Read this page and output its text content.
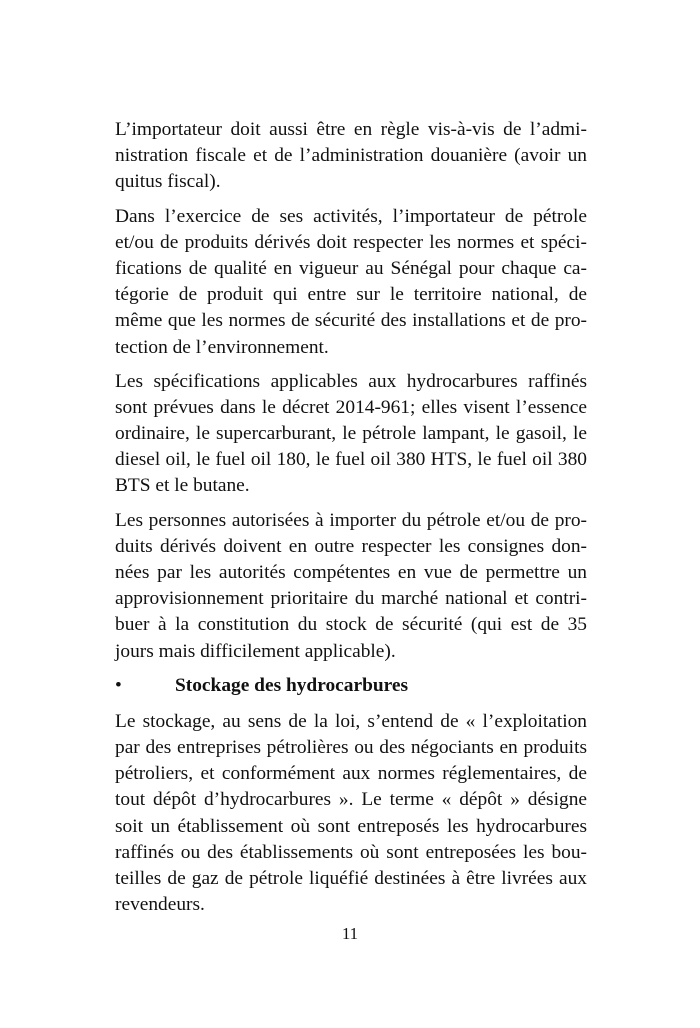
L’importateur doit aussi être en règle vis-à-vis de l’admi-
nistration fiscale et de l’administration douanière (avoir un
quitus fiscal).
Dans l’exercice de ses activités, l’importateur de pétrole
et/ou de produits dérivés doit respecter les normes et spéci-
fications de qualité en vigueur au Sénégal pour chaque ca-
tégorie de produit qui entre sur le territoire national, de
même que les normes de sécurité des installations et de pro-
tection de l’environnement.
Les spécifications applicables aux hydrocarbures raffinés
sont prévues dans le décret 2014-961; elles visent l’essence
ordinaire, le supercarburant, le pétrole lampant, le gasoil, le
diesel oil, le fuel oil 180, le fuel oil 380 HTS, le fuel oil 380
BTS et le butane.
Les personnes autorisées à importer du pétrole et/ou de pro-
duits dérivés doivent en outre respecter les consignes don-
nées par les autorités compétentes en vue de permettre un
approvisionnement prioritaire du marché national et contri-
buer à la constitution du stock de sécurité (qui est de 35
jours mais difficilement applicable).
•	Stockage des hydrocarbures
Le stockage, au sens de la loi, s’entend de « l’exploitation
par des entreprises pétrolières ou des négociants en produits
pétroliers, et conformément aux normes réglementaires, de
tout dépôt d’hydrocarbures ». Le terme « dépôt » désigne
soit un établissement où sont entreposés les hydrocarbures
raffinés ou des établissements où sont entreposées les bou-
teilles de gaz de pétrole liquéfié destinées à être livrées aux
revendeurs.
11
